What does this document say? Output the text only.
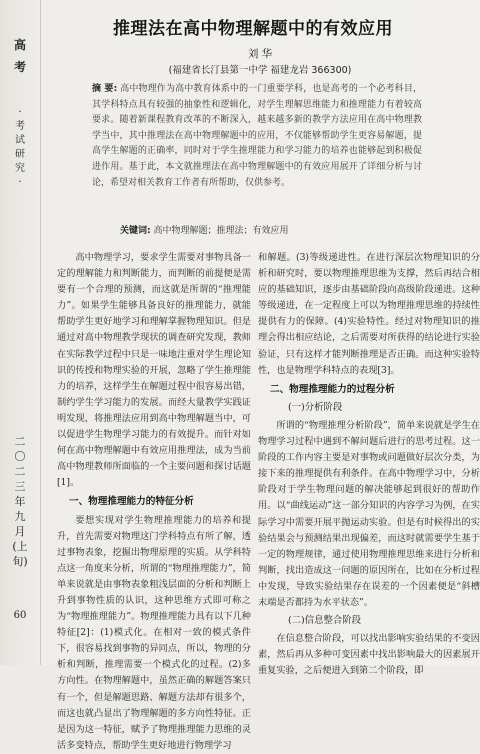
高
考
·
考
试
研
究
·
二
〇
二
三
年
九
月
(上
旬)
60
推理法在高中物理解题中的有效应用
刘 华
(福建省长汀县第一中学 福建龙岩 366300)
摘 要: 高中物理作为高中教育体系中的一门重要学科，也是高考的一个必考科目，其学科特点具有较强的抽象性和逻辑化，对学生理解思维能力和推理能力有着较高要求。随着新课程教育改革的不断深入，越来越多新的教学方法应用在高中物理教学当中，其中推理法在高中物理解题中的应用，不仅能够帮助学生更容易解题，提高学生解题的正确率，同时对于学生推理能力和学习能力的培养也能够起到积极促进作用。基于此，本文就推理法在高中物理解题中的有效应用展开了详细分析与讨论，希望对相关教育工作者有所帮助，仅供参考。
关键词: 高中物理解题；推理法；有效应用

高中物理学习，要求学生需要对事物具备一定的理解能力和判断能力，而判断的前提便是需要有一个合理的预测，而这就是所谓的“推理能力”。如果学生能够具备良好的推理能力，就能帮助学生更好地学习和理解掌握物理知识。但是通过对高中物理教学现状的调查研究发现，教师在实际教学过程中只是一味地注重对学生理论知识的传授和物理实验的开展，忽略了学生推理能力的培养，这样学生在解题过程中很容易出错，制约学生学习能力的发展。而经大量教学实践证明发现，将推理法应用到高中物理解题当中，可以促进学生物理学习能力的有效提升。而针对如何在高中物理解题中有效应用推理法，成为当前高中物理教师所面临的一个主要问题和探讨话题[1]。

一、物理推理能力的特征分析

要想实现对学生物理推理能力的培养和提升，首先需要对物理这门学科特点有所了解，透过事物表象，挖掘出物理原理的实质。从学科特点这一角度来分析，所谓的“物理推理能力”，简单来说就是由事物表象粗浅层面的分析和判断上升到事物性质的认识，这种思维方式即可称之为“物理推理能力”。物理推理能力具有以下几种特征[2]：(1)模式化。在相对一致的模式条件下，很容易找到事物的异同点，所以，物理的分析和判断，推理需要一个模式化的过程。(2)多方向性。在物理解题中，虽然正确的解题答案只有一个，但是解题思路、解题方法却有很多个，而这也就凸显出了物理解题的多方向性特征。正是因为这一特征，赋予了物理推理能力思维的灵活多变特点，帮助学生更好地进行物理学习

和解题。(3)等级递进性。在进行深层次物理知识的分析和研究时，要以物理推理思维为支撑，然后再结合相应的基础知识，逐步由基础阶段向高级阶段递进。这种等级递进，在一定程度上可以为物理推理思维的持续性提供有力的保障。(4)实验特性。经过对物理知识的推理会得出相应结论，之后需要对所获得的结论进行实验验证，只有这样才能判断推理是否正确。而这种实验特性，也是物理学科特点的表现[3]。

二、物理推理能力的过程分析
(一)分析阶段

所谓的“物理推理分析阶段”，简单来说就是学生在物理学习过程中遇到不解问题后进行的思考过程。这一阶段的工作内容主要是对事物或问题做好层次分类，为接下来的推理提供有利条件。在高中物理学习中，分析阶段对于学生物理问题的解决能够起到很好的帮助作用。以“曲线运动”这一部分知识的内容学习为例，在实际学习中需要开展平抛运动实验。但是有时候得出的实验结果会与预测结果出现偏差，而这时就需要学生基于一定的物理规律，通过使用物理推理思维来进行分析和判断，找出造成这一问题的原因所在，比如在分析过程中发现，导致实验结果存在误差的一个因素便是“斜槽末端是否都持为水平状态”。

(二)信息整合阶段

在信息整合阶段，可以找出影响实验结果的不变因素，然后再从多种可变因素中找出影响最大的因素展开重复实验，之后便进入到第二个阶段，即
